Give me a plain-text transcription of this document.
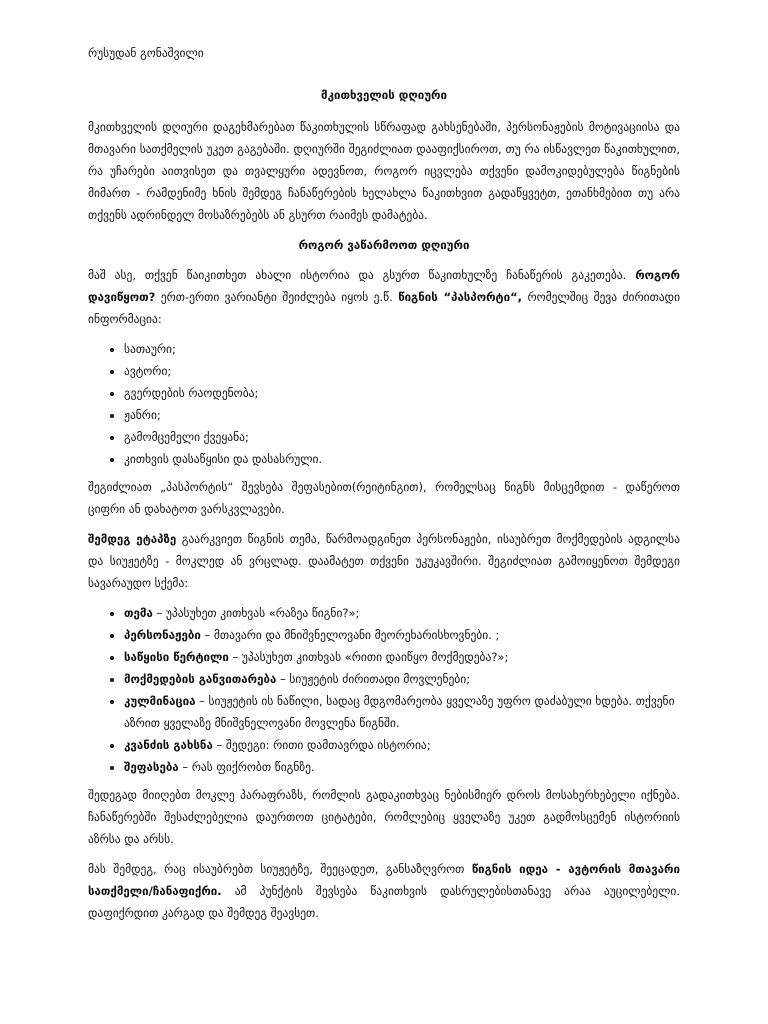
რუსუდან გონაშვილი
მკითხველის დღიური

მკითხველის დღიური დაგეხმარებათ წაკითხულის სწრაფად გახსენებაში, პერსონაჟების მოტივაციისა და მთავარი სათქმელის უკეთ გაგებაში. დღიურში შეგიძლიათ დააფიქსიროთ, თუ რა ისწავლეთ წაკითხულით, რა უჩარები აითვისეთ და თვალყური ადევნოთ, როგორ იცვლება თქვენი დამოკიდებულება წიგნების მიმართ - რამდენიმე ხნის შემდეგ ჩანაწერების ხელახლა წაკითხვით გადაწყვეტთ, ეთანხმებით თუ არა თქვენს ადრინდელ მოსაზრებებს ან გსურთ რაიმეს დამატება.

როგორ ვაწარმოოთ დღიური

მაშ ასე, თქვენ წაიკითხეთ ახალი ისტორია და გსურთ წაკითხულზე ჩანაწერის გაკეთება. როგორ დავიწყოთ? ერთ-ერთი ვარიანტი შეიძლება იყოს ე.წ. წიგნის “პასპორტი“, რომელშიც შევა ძირითადი ინფორმაცია:

• სათაური;
• ავტორი;
• გვერდების რაოდენობა;
• ჟანრი;
• გამომცემელი ქვეყანა;
• კითხვის დასაწყისი და დასასრული.

შეგიძლიათ „პასპორტის“ შევსება შეფასებით(რეიტინგით), რომელსაც წიგნს მისცემდით - დაწეროთ ციფრი ან დახატოთ ვარსკვლავები.

შემდეგ ეტაპზე გაარკვიეთ წიგნის თემა, წარმოადგინეთ პერსონაჟები, ისაუბრეთ მოქმედების ადგილსა და სიუჟეტზე - მოკლედ ან ვრცლად. დაამატეთ თქვენი უკუკავშირი. შეგიძლიათ გამოიყენოთ შემდეგი სავარაუდო სქემა:

• თემა – უპასუხეთ კითხვას «რაზეა წიგნი?»;
• პერსონაჟები – მთავარი და მნიშვნელოვანი მეორეხარისხოვნები. ;
• საწყისი წერტილი – უპასუხეთ კითხვას «რითი დაიწყო მოქმედება?»;
• მოქმედების განვითარება – სიუჟეტის ძირითადი მოვლენები;
• კულმინაცია – სიუჟეტის ის ნაწილი, სადაც მდგომარეობა ყველაზე უფრო დაძაბული ხდება. თქვენი აზრით ყველაზე მნიშვნელოვანი მოვლენა წიგნში.
• კვანძის გახსნა – შედეგი: რითი დამთავრდა ისტორია;
• შეფასება – რას ფიქრობთ წიგნზე.

შედეგად მიიღებთ მოკლე პარაფრაზს, რომლის გადაკითხვაც ნებისმიერ დროს მოსახერხებელი იქნება. ჩანაწერებში შესაძლებელია დაურთოთ ციტატები, რომლებიც ყველაზე უკეთ გადმოსცემენ ისტორიის აზრსა და არსს.

მას შემდეგ, რაც ისაუბრებთ სიუჟეტზე, შეეცადეთ, განსაზღვროთ წიგნის იდეა - ავტორის მთავარი სათქმელი/ჩანაფიქრი. ამ პუნქტის შევსება წაკითხვის დასრულებისთანავე არაა აუცილებელი. დაფიქრდით კარგად და შემდეგ შეავსეთ.
